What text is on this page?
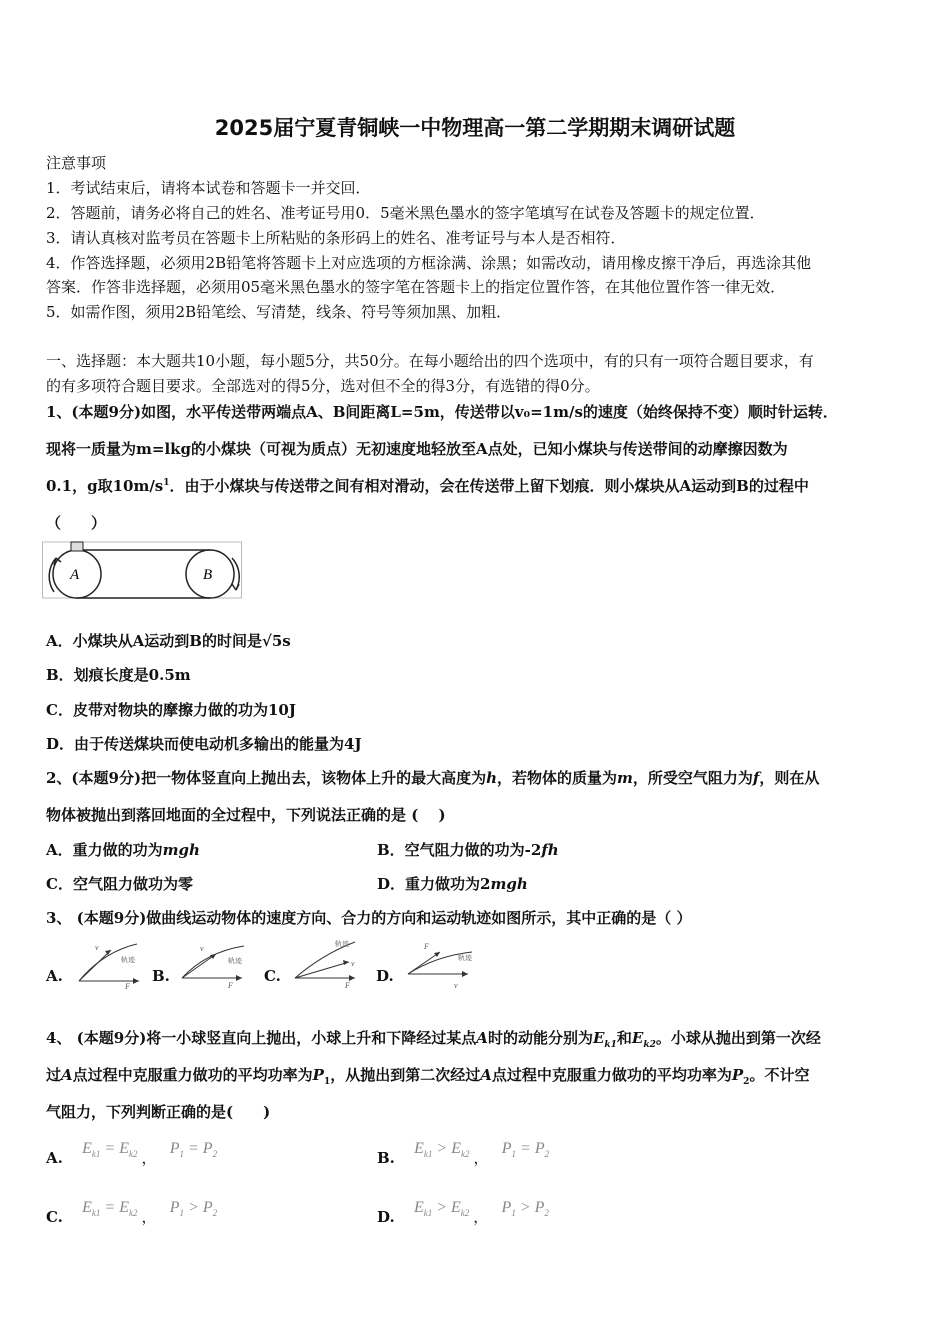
2025届宁夏青铜峡一中物理高一第二学期期末调研试题
注意事项
1．考试结束后，请将本试卷和答题卡一并交回．
2．答题前，请务必将自己的姓名、准考证号用0．5毫米黑色墨水的签字笔填写在试卷及答题卡的规定位置．
3．请认真核对监考员在答题卡上所粘贴的条形码上的姓名、准考证号与本人是否相符．
4．作答选择题，必须用2B铅笔将答题卡上对应选项的方框涂满、涂黑；如需改动，请用橡皮擦干净后，再选涂其他
答案．作答非选择题，必须用05毫米黑色墨水的签字笔在答题卡上的指定位置作答，在其他位置作答一律无效．
5．如需作图，须用2B铅笔绘、写清楚，线条、符号等须加黑、加粗．
一、选择题：本大题共10小题，每小题5分，共50分。在每小题给出的四个选项中，有的只有一项符合题目要求，有
的有多项符合题目要求。全部选对的得5分，选对但不全的得3分，有选错的得0分。
1、(本题9分)如图，水平传送带两端点A、B间距离L=5m，传送带以v₀=1m/s的速度（始终保持不变）顺时针运转．
现将一质量为m=lkg的小煤块（可视为质点）无初速度地轻放至A点处，已知小煤块与传送带间的动摩擦因数为
0.1，g取$10m/s^1$．由于小煤块与传送带之间有相对滑动，会在传送带上留下划痕．则小煤块从A运动到B的过程中
（　　）
A	B
A．小煤块从A运动到B的时间是√5s
B．划痕长度是0.5m
C．皮带对物块的摩擦力做的功为10J
D．由于传送煤块而使电动机多输出的能量为4J
2、(本题9分)把一物体竖直向上抛出去，该物体上升的最大高度为h，若物体的质量为m，所受空气阻力为f，则在从
物体被抛出到落回地面的全过程中，下列说法正确的是 (　 )
A．重力做的功为mgh	B．空气阻力做的功为-2fh
C．空气阻力做功为零	D．重力做功为2mgh
3、 (本题9分)做曲线运动物体的速度方向、合力的方向和运动轨迹如图所示，其中正确的是（ ）
A.
v
轨迹
F
B.
v
轨迹
F
C.
轨迹
v
F
D.
F
轨迹
v
4、 (本题9分)将一小球竖直向上抛出，小球上升和下降经过某点A时的动能分别为$E_{k1}$和$E_{k2}$。小球从抛出到第一次经
过A点过程中克服重力做功的平均功率为$P_1$，从抛出到第二次经过A点过程中克服重力做功的平均功率为$P_2$。不计空
气阻力，下列判断正确的是(　　)
A. $E_{k1} = E_{k2}$ ， $P_1 = P_2$	B. $E_{k1} > E_{k2}$ ， $P_1 = P_2$
C. $E_{k1} = E_{k2}$ ， $P_1 > P_2$	D. $E_{k1} > E_{k2}$ ， $P_1 > P_2$
